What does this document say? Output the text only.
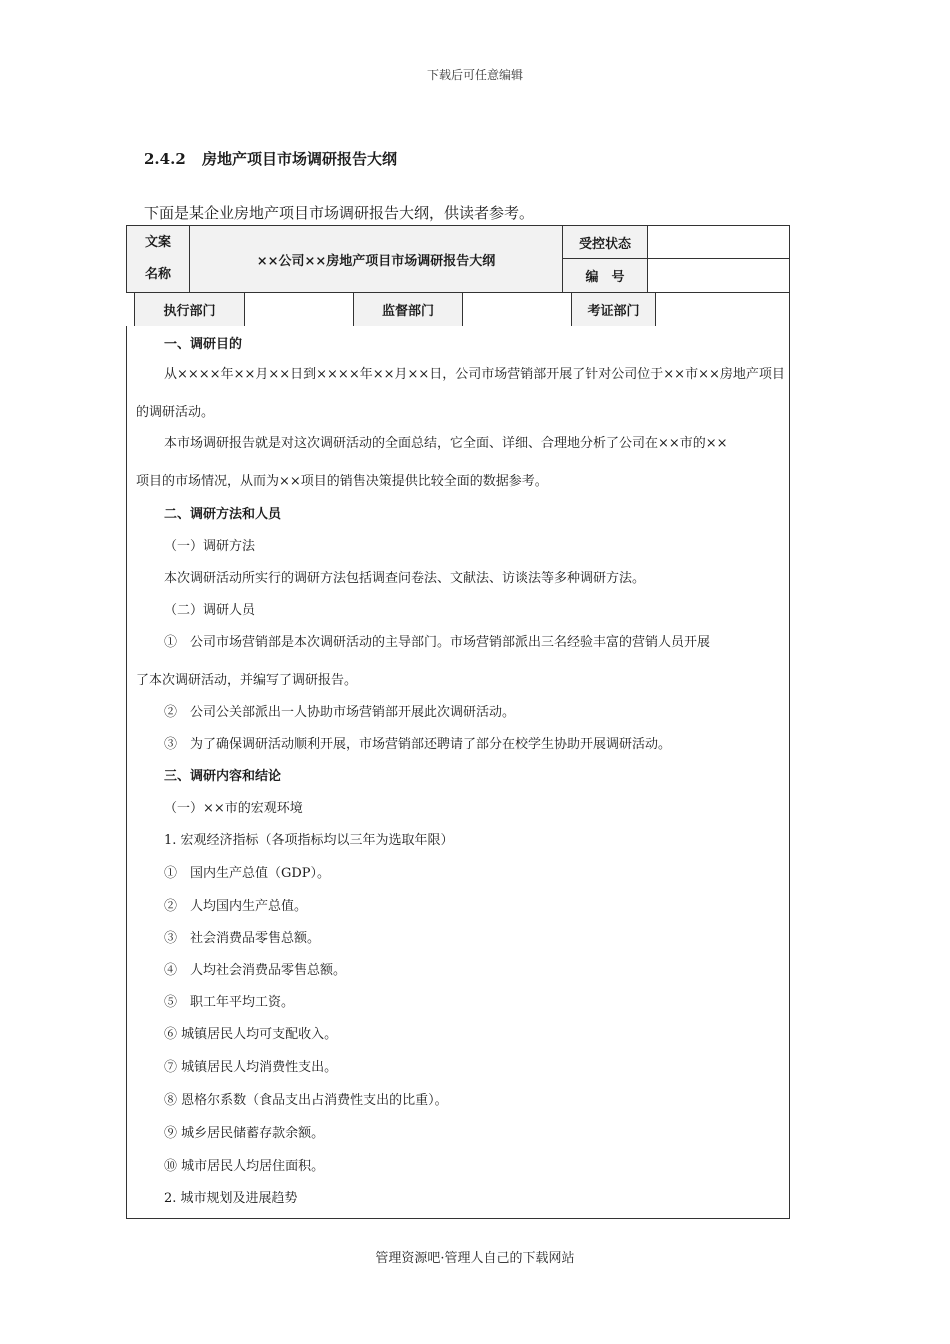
下载后可任意编辑
2.4.2 房地产项目市场调研报告大纲
下面是某企业房地产项目市场调研报告大纲，供读者参考。
文案
名称
××公司××房地产项目市场调研报告大纲
受控状态
编　号
执行部门	监督部门	考证部门
一、调研目的
从××××年××月××日到××××年××月××日，公司市场营销部开展了针对公司位于××市××房地产项目
的调研活动。
本市场调研报告就是对这次调研活动的全面总结，它全面、详细、合理地分析了公司在××市的××
项目的市场情况，从而为××项目的销售决策提供比较全面的数据参考。
二、调研方法和人员
（一）调研方法
本次调研活动所实行的调研方法包括调查问卷法、文献法、访谈法等多种调研方法。
（二）调研人员
①　公司市场营销部是本次调研活动的主导部门。市场营销部派出三名经验丰富的营销人员开展
了本次调研活动，并编写了调研报告。
②　公司公关部派出一人协助市场营销部开展此次调研活动。
③　为了确保调研活动顺利开展，市场营销部还聘请了部分在校学生协助开展调研活动。
三、调研内容和结论
（一）××市的宏观环境
1. 宏观经济指标（各项指标均以三年为选取年限）
①　国内生产总值（GDP）。
②　人均国内生产总值。
③　社会消费品零售总额。
④　人均社会消费品零售总额。
⑤　职工年平均工资。
⑥ 城镇居民人均可支配收入。
⑦ 城镇居民人均消费性支出。
⑧ 恩格尔系数（食品支出占消费性支出的比重）。
⑨ 城乡居民储蓄存款余额。
⑩ 城市居民人均居住面积。
2. 城市规划及进展趋势
管理资源吧·管理人自己的下载网站
